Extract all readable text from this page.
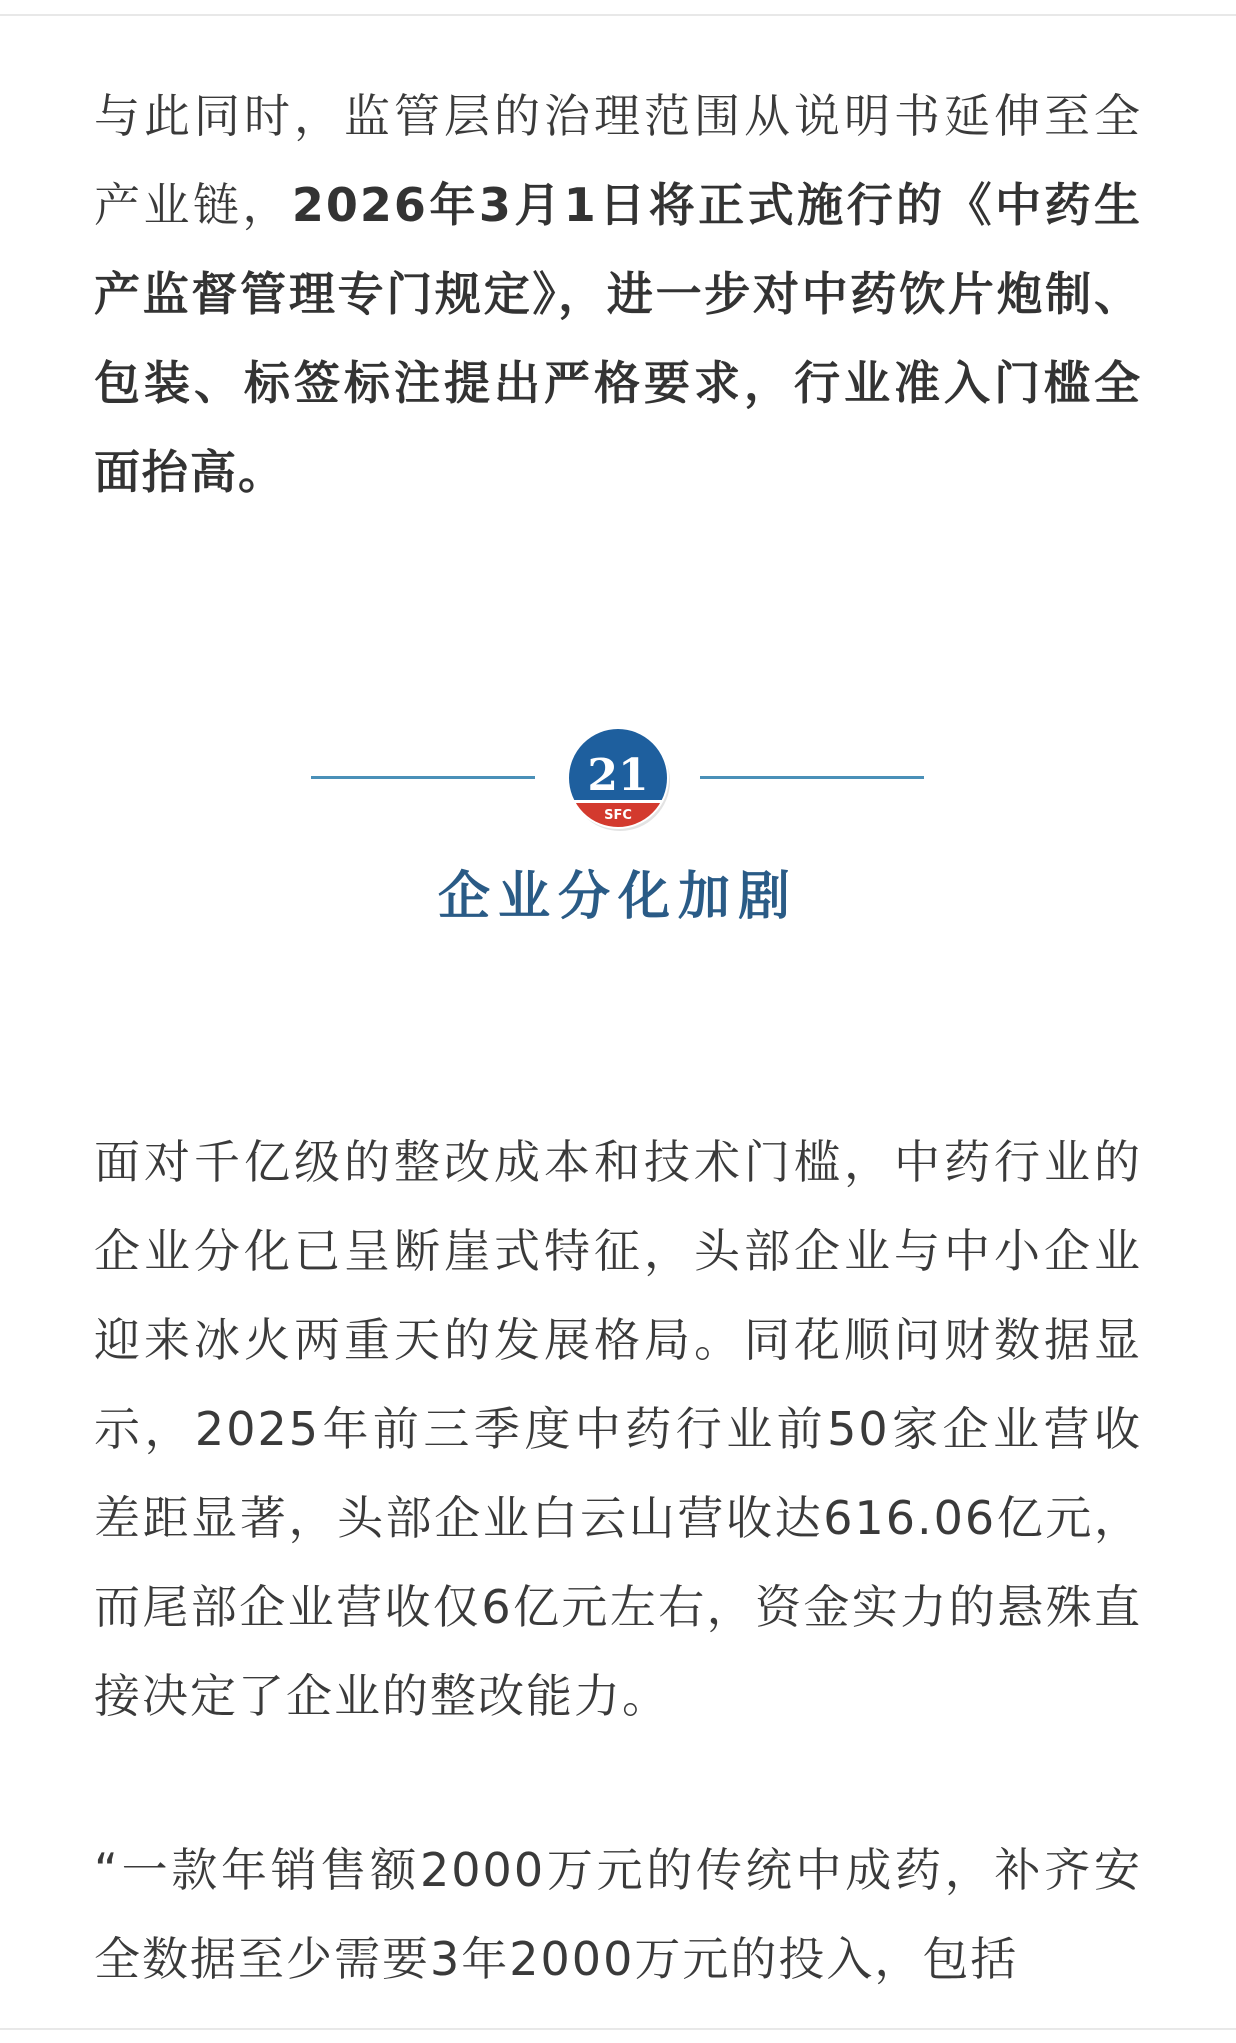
与此同时，监管层的治理范围从说明书延伸至全产业链，2026年3月1日将正式施行的《中药生产监督管理专门规定》，进一步对中药饮片炮制、包装、标签标注提出严格要求，行业准入门槛全面抬高。
21
SFC
企业分化加剧
面对千亿级的整改成本和技术门槛，中药行业的企业分化已呈断崖式特征，头部企业与中小企业迎来冰火两重天的发展格局。同花顺问财数据显示，2025年前三季度中药行业前50家企业营收差距显著，头部企业白云山营收达616.06亿元，而尾部企业营收仅6亿元左右，资金实力的悬殊直接决定了企业的整改能力。
“一款年销售额2000万元的传统中成药，补齐安全数据至少需要3年2000万元的投入，包括
